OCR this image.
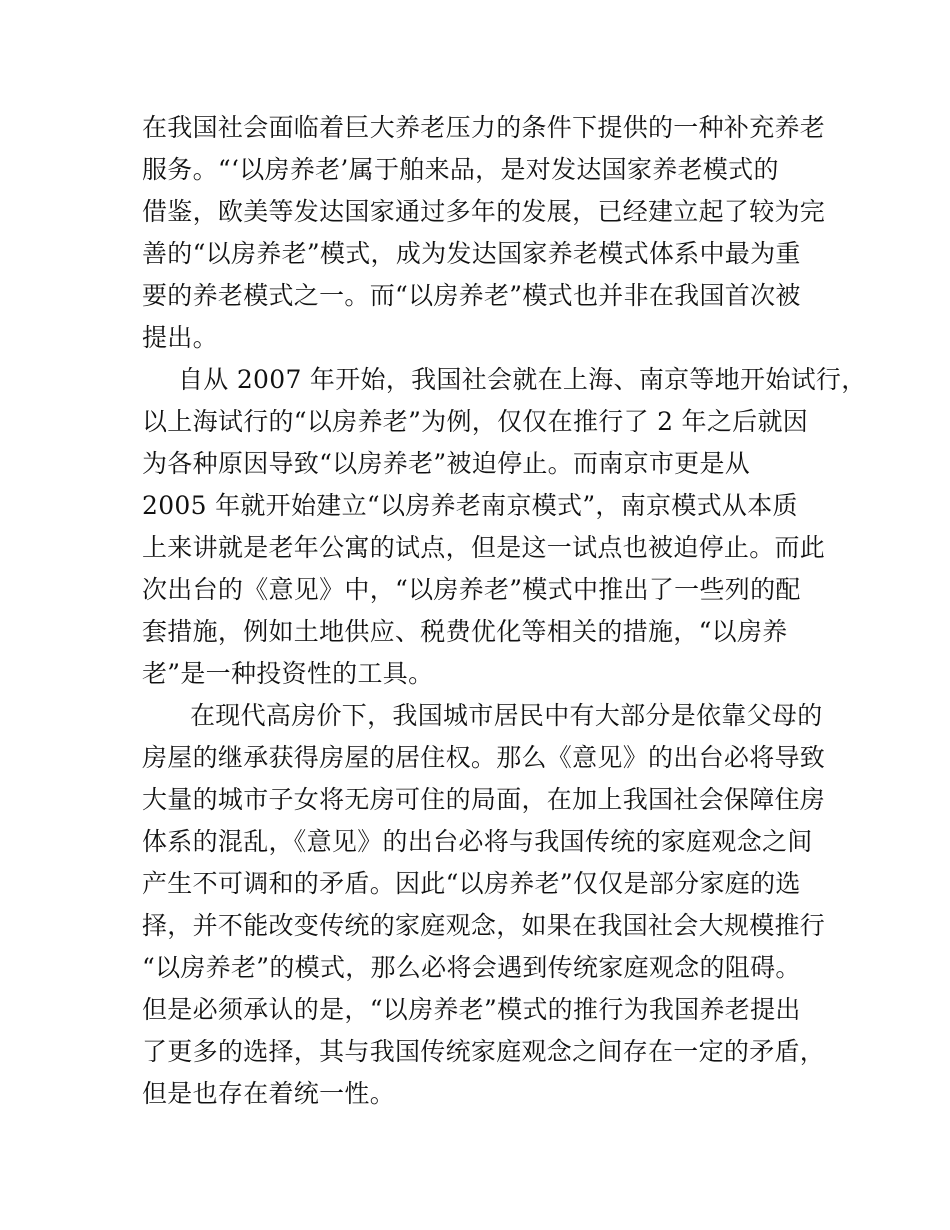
在我国社会面临着巨大养老压力的条件下提供的一种补充养老
服务。“‘以房养老’属于舶来品，是对发达国家养老模式的
借鉴，欧美等发达国家通过多年的发展，已经建立起了较为完
善的“以房养老”模式，成为发达国家养老模式体系中最为重
要的养老模式之一。而“以房养老”模式也并非在我国首次被
提出。
自从 2007 年开始，我国社会就在上海、南京等地开始试行，
以上海试行的“以房养老”为例，仅仅在推行了 2 年之后就因
为各种原因导致“以房养老”被迫停止。而南京市更是从
2005 年就开始建立“以房养老南京模式”，南京模式从本质
上来讲就是老年公寓的试点，但是这一试点也被迫停止。而此
次出台的《意见》中，“以房养老”模式中推出了一些列的配
套措施，例如土地供应、税费优化等相关的措施，“以房养
老”是一种投资性的工具。
在现代高房价下，我国城市居民中有大部分是依靠父母的
房屋的继承获得房屋的居住权。那么《意见》的出台必将导致
大量的城市子女将无房可住的局面，在加上我国社会保障住房
体系的混乱，《意见》的出台必将与我国传统的家庭观念之间
产生不可调和的矛盾。因此“以房养老”仅仅是部分家庭的选
择，并不能改变传统的家庭观念，如果在我国社会大规模推行
“以房养老”的模式，那么必将会遇到传统家庭观念的阻碍。
但是必须承认的是，“以房养老”模式的推行为我国养老提出
了更多的选择，其与我国传统家庭观念之间存在一定的矛盾，
但是也存在着统一性。
